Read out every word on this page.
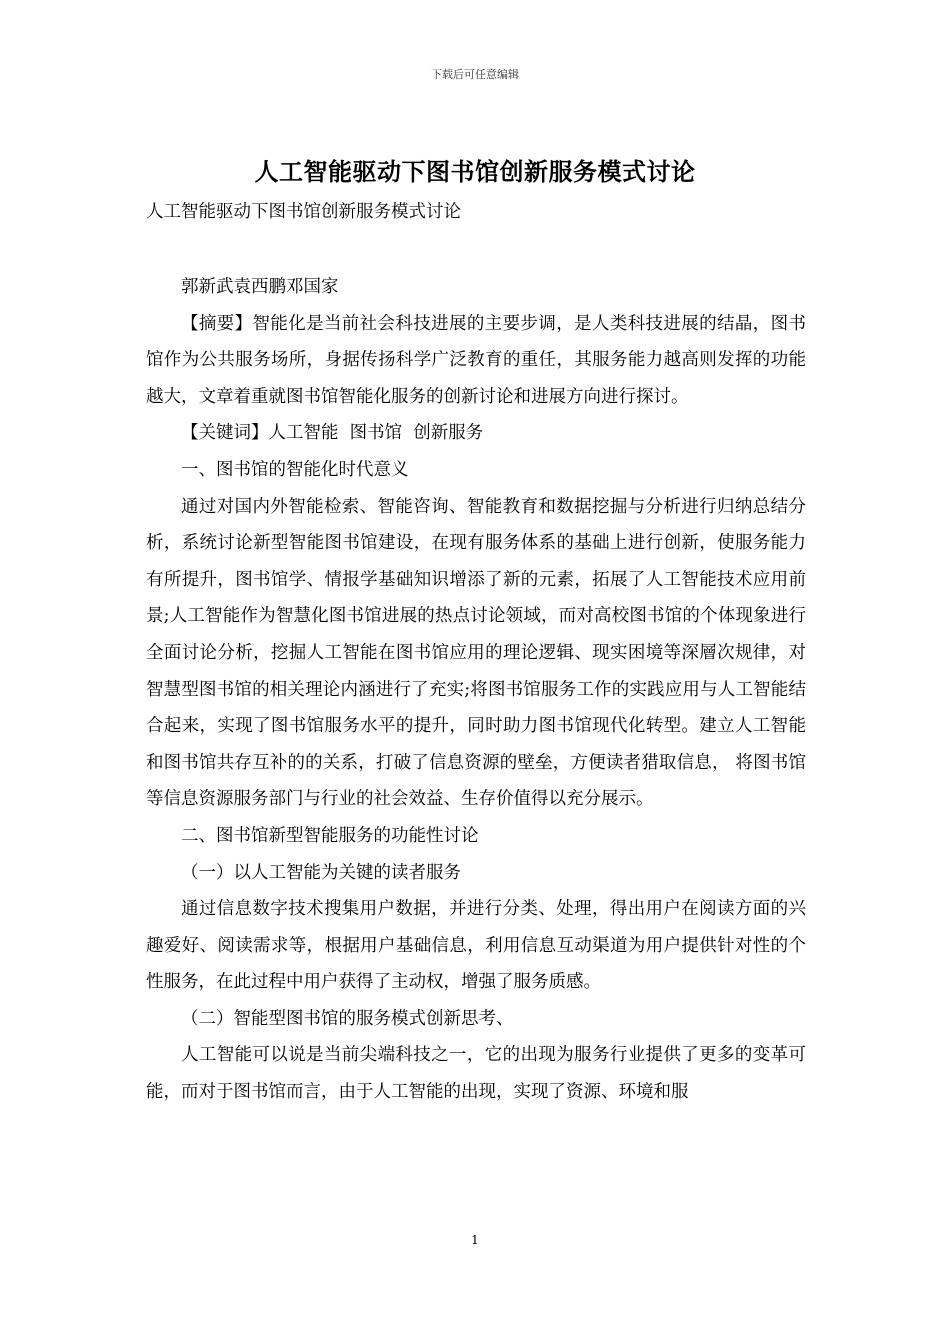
下载后可任意编辑
人工智能驱动下图书馆创新服务模式讨论
人工智能驱动下图书馆创新服务模式讨论

郭新武袁西鹏邓国家

【摘要】智能化是当前社会科技进展的主要步调，是人类科技进展的结晶，图书馆作为公共服务场所，身据传扬科学广泛教育的重任，其服务能力越高则发挥的功能越大，文章着重就图书馆智能化服务的创新讨论和进展方向进行探讨。

【关键词】人工智能  图书馆  创新服务

一、图书馆的智能化时代意义

通过对国内外智能检索、智能咨询、智能教育和数据挖掘与分析进行归纳总结分析，系统讨论新型智能图书馆建设，在现有服务体系的基础上进行创新，使服务能力有所提升，图书馆学、情报学基础知识增添了新的元素，拓展了人工智能技术应用前景;人工智能作为智慧化图书馆进展的热点讨论领域，而对高校图书馆的个体现象进行全面讨论分析，挖掘人工智能在图书馆应用的理论逻辑、现实困境等深層次规律，对智慧型图书馆的相关理论内涵进行了充实;将图书馆服务工作的实践应用与人工智能结合起来，实现了图书馆服务水平的提升，同时助力图书馆现代化转型。建立人工智能和图书馆共存互补的的关系，打破了信息资源的壁垒，方便读者猎取信息， 将图书馆等信息资源服务部门与行业的社会效益、生存价值得以充分展示。

二、图书馆新型智能服务的功能性讨论

（一）以人工智能为关键的读者服务

通过信息数字技术搜集用户数据，并进行分类、处理，得出用户在阅读方面的兴趣爱好、阅读需求等，根据用户基础信息，利用信息互动渠道为用户提供针对性的个性服务，在此过程中用户获得了主动权，增强了服务质感。

（二）智能型图书馆的服务模式创新思考、

人工智能可以说是当前尖端科技之一，它的出现为服务行业提供了更多的变革可能，而对于图书馆而言，由于人工智能的出现，实现了资源、环境和服

1
